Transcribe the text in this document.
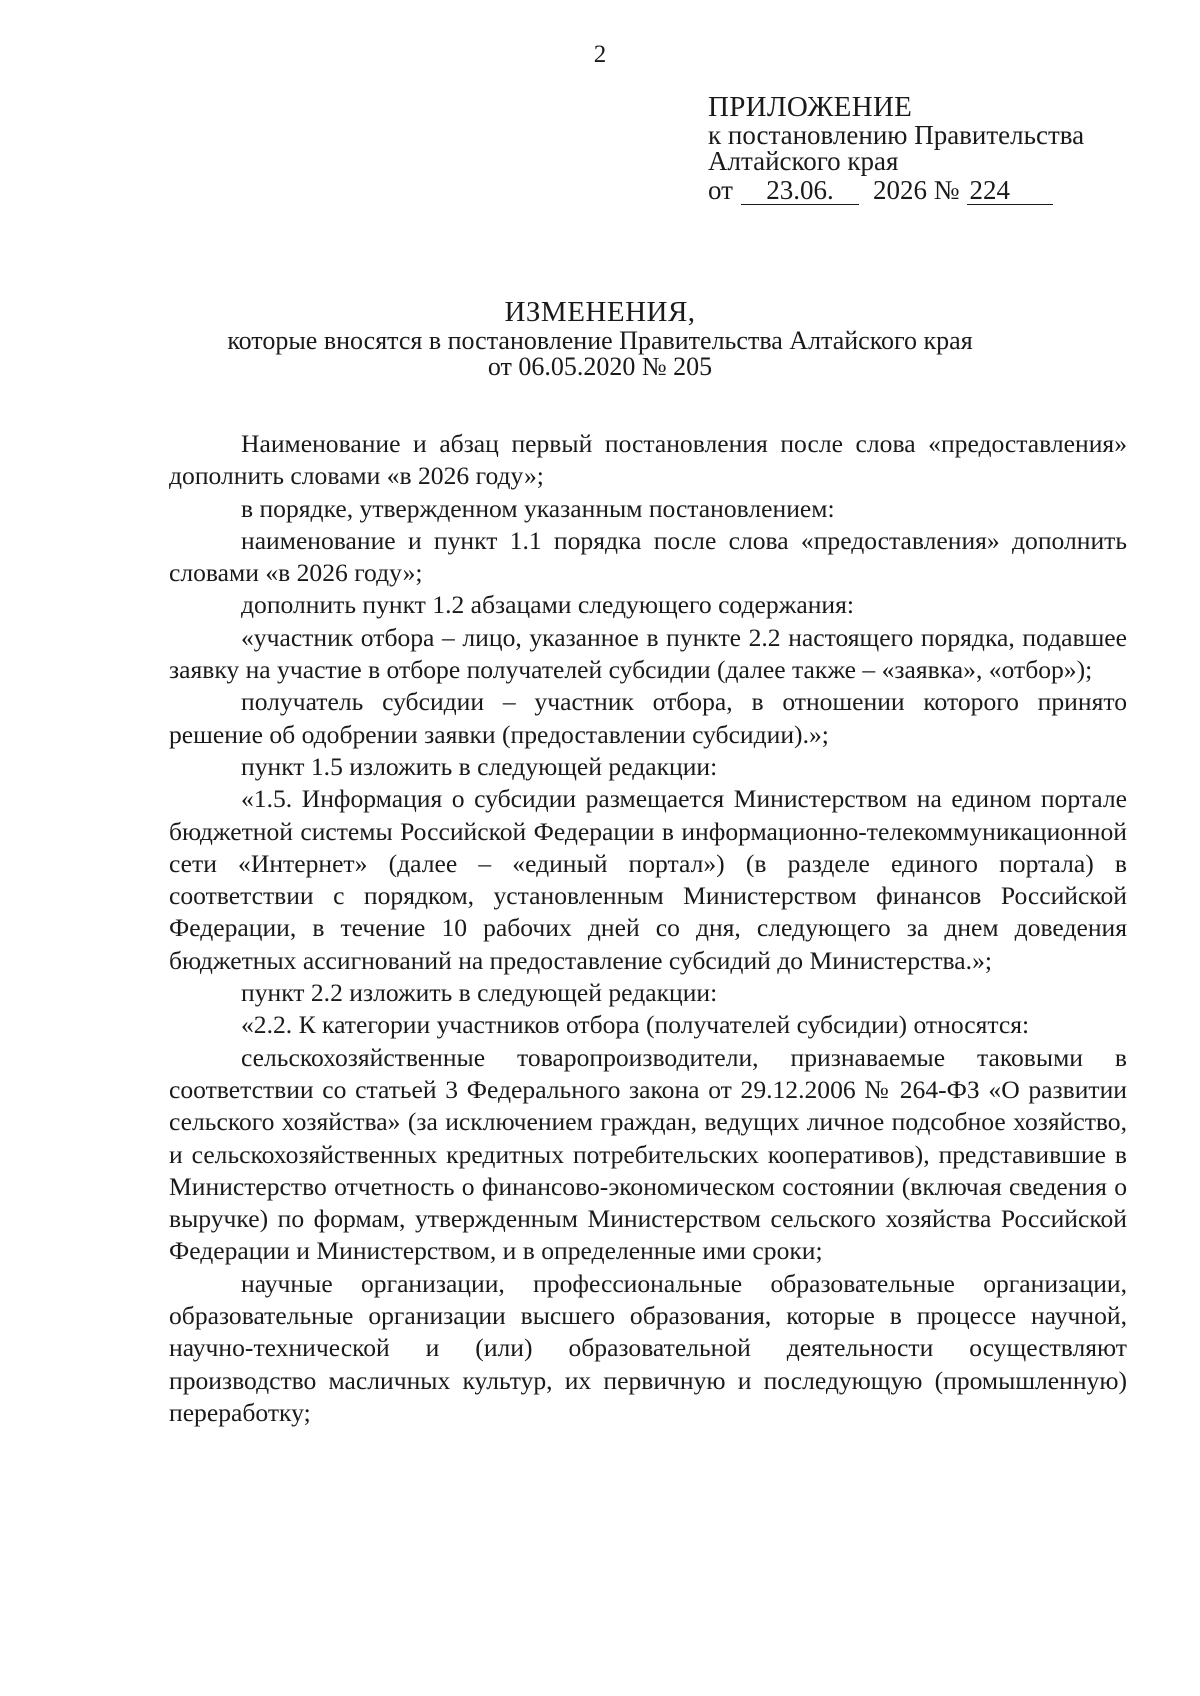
2
ПРИЛОЖЕНИЕ
к постановлению Правительства
Алтайского края
от 23.06. 2026 № 224
ИЗМЕНЕНИЯ,
которые вносятся в постановление Правительства Алтайского края
от 06.05.2020 № 205

Наименование и абзац первый постановления после слова «предоставления» дополнить словами «в 2026 году»;

в порядке, утвержденном указанным постановлением:

наименование и пункт 1.1 порядка после слова «предоставления» дополнить словами «в 2026 году»;

дополнить пункт 1.2 абзацами следующего содержания:

«участник отбора – лицо, указанное в пункте 2.2 настоящего порядка, подавшее заявку на участие в отборе получателей субсидии (далее также – «заявка», «отбор»);

получатель субсидии – участник отбора, в отношении которого принято решение об одобрении заявки (предоставлении субсидии).»;

пункт 1.5 изложить в следующей редакции:

«1.5. Информация о субсидии размещается Министерством на едином портале бюджетной системы Российской Федерации в информационно-телекоммуникационной сети «Интернет» (далее – «единый портал») (в разделе единого портала) в соответствии с порядком, установленным Министерством финансов Российской Федерации, в течение 10 рабочих дней со дня, следующего за днем доведения бюджетных ассигнований на предоставление субсидий до Министерства.»;

пункт 2.2 изложить в следующей редакции:

«2.2. К категории участников отбора (получателей субсидии) относятся:

сельскохозяйственные товаропроизводители, признаваемые таковыми в соответствии со статьей 3 Федерального закона от 29.12.2006 № 264-ФЗ «О развитии сельского хозяйства» (за исключением граждан, ведущих личное подсобное хозяйство, и сельскохозяйственных кредитных потребительских кооперативов), представившие в Министерство отчетность о финансово-экономическом состоянии (включая сведения о выручке) по формам, утвержденным Министерством сельского хозяйства Российской Федерации и Министерством, и в определенные ими сроки;

научные организации, профессиональные образовательные организации, образовательные организации высшего образования, которые в процессе научной, научно-технической и (или) образовательной деятельности осуществляют производство масличных культур, их первичную и последующую (промышленную) переработку;
